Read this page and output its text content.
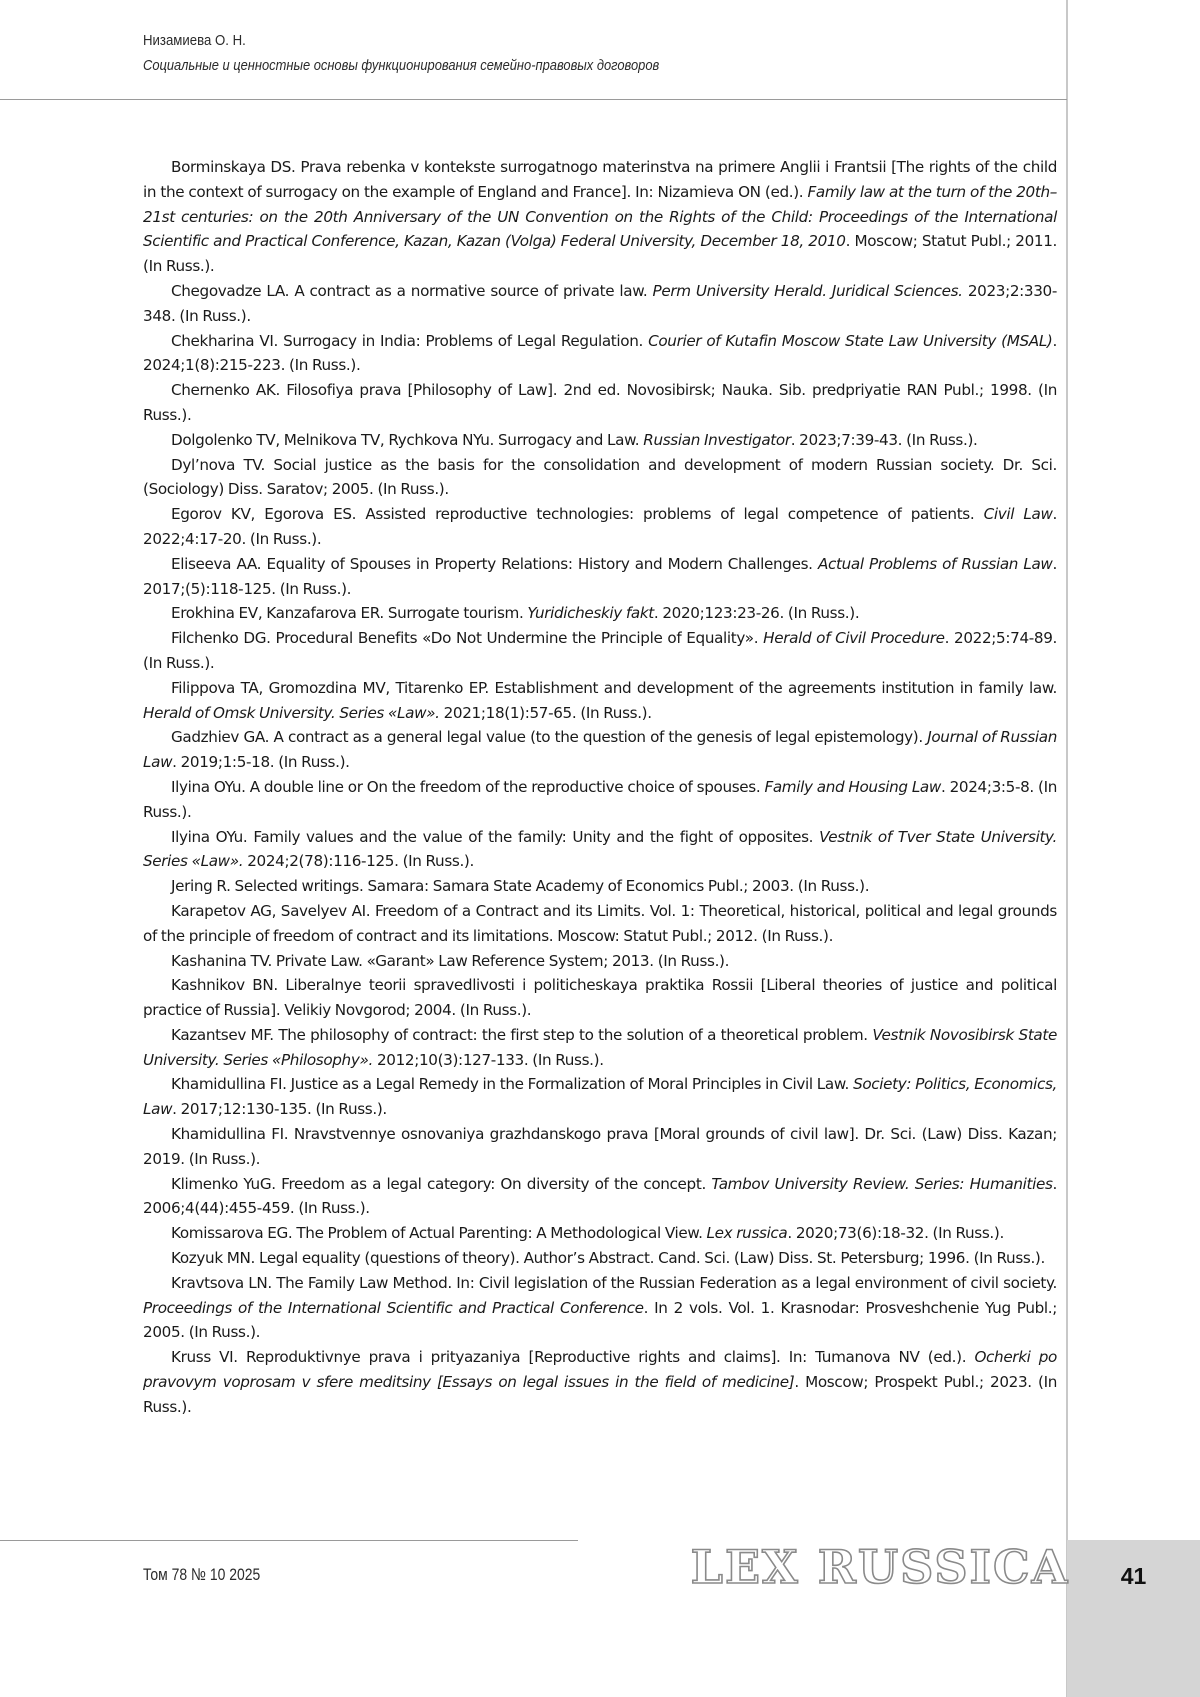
Низамиева О. Н.
Социальные и ценностные основы функционирования семейно-правовых договоров

Borminskaya DS. Prava rebenka v kontekste surrogatnogo materinstva na primere Anglii i Frantsii [The rights of the child in the context of surrogacy on the example of England and France]. In: Nizamieva ON (ed.). Family law at the turn of the 20th–21st centuries: on the 20th Anniversary of the UN Convention on the Rights of the Child: Proceedings of the International Scientific and Practical Conference, Kazan, Kazan (Volga) Federal University, December 18, 2010. Moscow; Statut Publ.; 2011. (In Russ.).

Chegovadze LA. A contract as a normative source of private law. Perm University Herald. Juridical Sciences. 2023;2:330-348. (In Russ.).

Chekharina VI. Surrogacy in India: Problems of Legal Regulation. Courier of Kutafin Moscow State Law University (MSAL). 2024;1(8):215-223. (In Russ.).

Chernenko AK. Filosofiya prava [Philosophy of Law]. 2nd ed. Novosibirsk; Nauka. Sib. predpriyatie RAN Publ.; 1998. (In Russ.).

Dolgolenko TV, Melnikova TV, Rychkova NYu. Surrogacy and Law. Russian Investigator. 2023;7:39-43. (In Russ.).

Dyl’nova TV. Social justice as the basis for the consolidation and development of modern Russian society. Dr. Sci. (Sociology) Diss. Saratov; 2005. (In Russ.).

Egorov KV, Egorova ES. Assisted reproductive technologies: problems of legal competence of patients. Civil Law. 2022;4:17-20. (In Russ.).

Eliseeva AA. Equality of Spouses in Property Relations: History and Modern Challenges. Actual Problems of Russian Law. 2017;(5):118-125. (In Russ.).

Erokhina EV, Kanzafarova ER. Surrogate tourism. Yuridicheskiy fakt. 2020;123:23-26. (In Russ.).

Filchenko DG. Procedural Benefits «Do Not Undermine the Principle of Equality». Herald of Civil Procedure. 2022;5:74-89. (In Russ.).

Filippova TA, Gromozdina MV, Titarenko EP. Establishment and development of the agreements institution in family law. Herald of Omsk University. Series «Law». 2021;18(1):57-65. (In Russ.).

Gadzhiev GA. A contract as a general legal value (to the question of the genesis of legal epistemology). Journal of Russian Law. 2019;1:5-18. (In Russ.).

Ilyina OYu. A double line or On the freedom of the reproductive choice of spouses. Family and Housing Law. 2024;3:5-8. (In Russ.).

Ilyina OYu. Family values and the value of the family: Unity and the fight of opposites. Vestnik of Tver State University. Series «Law». 2024;2(78):116-125. (In Russ.).

Jering R. Selected writings. Samara: Samara State Academy of Economics Publ.; 2003. (In Russ.).

Karapetov AG, Savelyev AI. Freedom of a Contract and its Limits. Vol. 1: Theoretical, historical, political and legal grounds of the principle of freedom of contract and its limitations. Moscow: Statut Publ.; 2012. (In Russ.).

Kashanina TV. Private Law. «Garant» Law Reference System; 2013. (In Russ.).

Kashnikov BN. Liberalnye teorii spravedlivosti i politicheskaya praktika Rossii [Liberal theories of justice and political practice of Russia]. Velikiy Novgorod; 2004. (In Russ.).

Kazantsev MF. The philosophy of contract: the first step to the solution of a theoretical problem. Vestnik Novosibirsk State University. Series «Philosophy». 2012;10(3):127-133. (In Russ.).

Khamidullina FI. Justice as a Legal Remedy in the Formalization of Moral Principles in Civil Law. Society: Politics, Economics, Law. 2017;12:130-135. (In Russ.).

Khamidullina FI. Nravstvennye osnovaniya grazhdanskogo prava [Moral grounds of civil law]. Dr. Sci. (Law) Diss. Kazan; 2019. (In Russ.).

Klimenko YuG. Freedom as a legal category: On diversity of the concept. Tambov University Review. Series: Humanities. 2006;4(44):455-459. (In Russ.).

Komissarova EG. The Problem of Actual Parenting: A Methodological View. Lex russica. 2020;73(6):18-32. (In Russ.).

Kozyuk MN. Legal equality (questions of theory). Author’s Abstract. Cand. Sci. (Law) Diss. St. Petersburg; 1996. (In Russ.).

Kravtsova LN. The Family Law Method. In: Civil legislation of the Russian Federation as a legal environment of civil society. Proceedings of the International Scientific and Practical Conference. In 2 vols. Vol. 1. Krasnodar: Prosveshchenie Yug Publ.; 2005. (In Russ.).

Kruss VI. Reproduktivnye prava i prityazaniya [Reproductive rights and claims]. In: Tumanova NV (ed.). Ocherki po pravovym voprosam v sfere meditsiny [Essays on legal issues in the field of medicine]. Moscow; Prospekt Publ.; 2023. (In Russ.).

Том 78 № 10 2025	LEX RUSSICA	41
